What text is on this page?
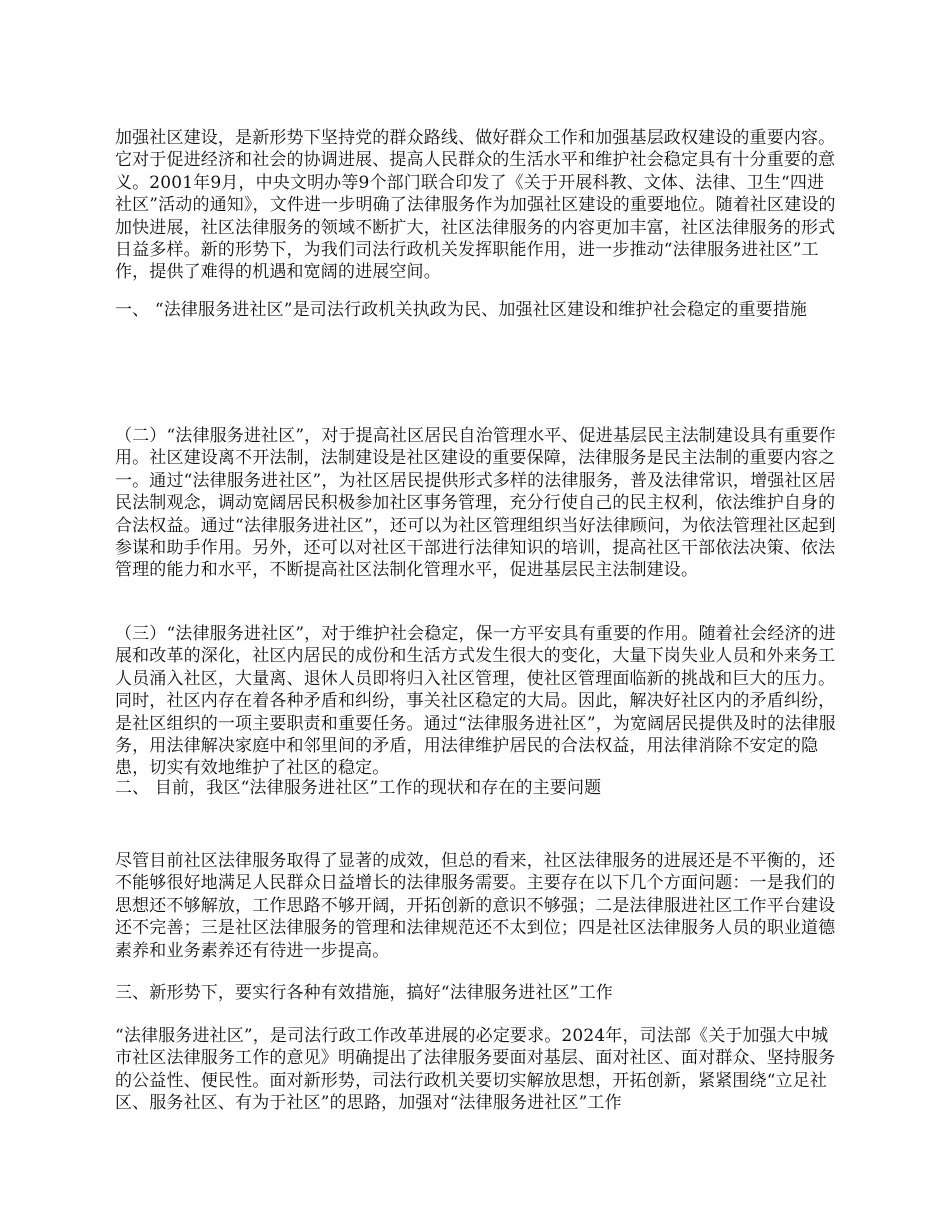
加强社区建设，是新形势下坚持党的群众路线、做好群众工作和加强基层政权建设的重要内容。它对于促进经济和社会的协调进展、提高人民群众的生活水平和维护社会稳定具有十分重要的意义。2001年9月，中央文明办等9个部门联合印发了《关于开展科教、文体、法律、卫生“四进社区”活动的通知》，文件进一步明确了法律服务作为加强社区建设的重要地位。随着社区建设的加快进展，社区法律服务的领域不断扩大，社区法律服务的内容更加丰富，社区法律服务的形式日益多样。新的形势下，为我们司法行政机关发挥职能作用，进一步推动“法律服务进社区”工作，提供了难得的机遇和宽阔的进展空间。

一、 “法律服务进社区”是司法行政机关执政为民、加强社区建设和维护社会稳定的重要措施

（二）“法律服务进社区”，对于提高社区居民自治管理水平、促进基层民主法制建设具有重要作用。社区建设离不开法制，法制建设是社区建设的重要保障，法律服务是民主法制的重要内容之一。通过“法律服务进社区”，为社区居民提供形式多样的法律服务，普及法律常识，增强社区居民法制观念，调动宽阔居民积极参加社区事务管理，充分行使自己的民主权利，依法维护自身的合法权益。通过“法律服务进社区”，还可以为社区管理组织当好法律顾问，为依法管理社区起到参谋和助手作用。另外，还可以对社区干部进行法律知识的培训，提高社区干部依法决策、依法管理的能力和水平，不断提高社区法制化管理水平，促进基层民主法制建设。

（三）“法律服务进社区”，对于维护社会稳定，保一方平安具有重要的作用。随着社会经济的进展和改革的深化，社区内居民的成份和生活方式发生很大的变化，大量下岗失业人员和外来务工人员涌入社区，大量离、退休人员即将归入社区管理，使社区管理面临新的挑战和巨大的压力。同时，社区内存在着各种矛盾和纠纷，事关社区稳定的大局。因此，解决好社区内的矛盾纠纷，是社区组织的一项主要职责和重要任务。通过“法律服务进社区”，为宽阔居民提供及时的法律服务，用法律解决家庭中和邻里间的矛盾，用法律维护居民的合法权益，用法律消除不安定的隐患，切实有效地维护了社区的稳定。

二、 目前，我区“法律服务进社区”工作的现状和存在的主要问题

尽管目前社区法律服务取得了显著的成效，但总的看来，社区法律服务的进展还是不平衡的，还不能够很好地满足人民群众日益增长的法律服务需要。主要存在以下几个方面问题：一是我们的思想还不够解放，工作思路不够开阔，开拓创新的意识不够强；二是法律服进社区工作平台建设还不完善；三是社区法律服务的管理和法律规范还不太到位；四是社区法律服务人员的职业道德素养和业务素养还有待进一步提高。

三、新形势下，要实行各种有效措施，搞好“法律服务进社区”工作

“法律服务进社区”，是司法行政工作改革进展的必定要求。2024年，司法部《关于加强大中城市社区法律服务工作的意见》明确提出了法律服务要面对基层、面对社区、面对群众、坚持服务的公益性、便民性。面对新形势，司法行政机关要切实解放思想，开拓创新，紧紧围绕“立足社区、服务社区、有为于社区”的思路，加强对“法律服务进社区”工作
